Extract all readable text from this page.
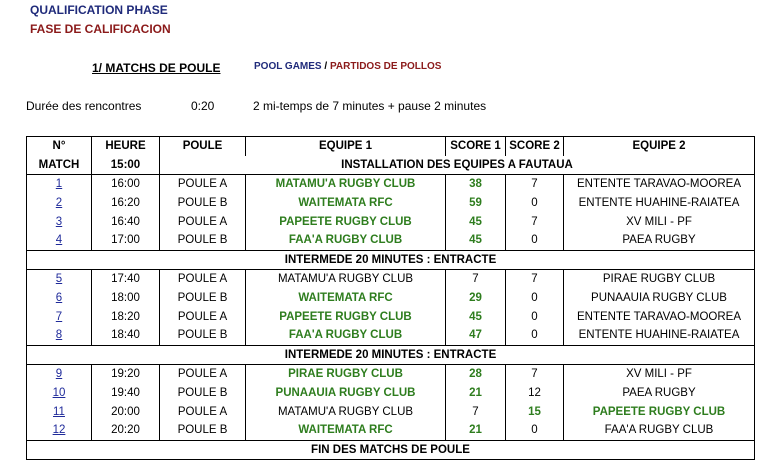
QUALIFICATION PHASE
FASE DE CALIFICACION
1/ MATCHS DE POULE	POOL GAMES / PARTIDOS DE POLLOS
Durée des rencontres	0:20	2 mi-temps de 7 minutes + pause 2 minutes
N°	HEURE	POULE	EQUIPE 1	SCORE 1	SCORE 2	EQUIPE 2
MATCH	15:00	INSTALLATION DES EQUIPES A FAUTAUA				
1	16:00	POULE A	MATAMU'A RUGBY CLUB	38	7	ENTENTE TARAVAO-MOOREA
2	16:20	POULE B	WAITEMATA RFC	59	0	ENTENTE HUAHINE-RAIATEA
3	16:40	POULE A	PAPEETE RUGBY CLUB	45	7	XV MILI - PF
4	17:00	POULE B	FAA'A RUGBY CLUB	45	0	PAEA RUGBY
INTERMEDE 20 MINUTES : ENTRACTE						
5	17:40	POULE A	MATAMU'A RUGBY CLUB	7	7	PIRAE RUGBY CLUB
6	18:00	POULE B	WAITEMATA RFC	29	0	PUNAAUIA RUGBY CLUB
7	18:20	POULE A	PAPEETE RUGBY CLUB	45	0	ENTENTE TARAVAO-MOOREA
8	18:40	POULE B	FAA'A RUGBY CLUB	47	0	ENTENTE HUAHINE-RAIATEA
INTERMEDE 20 MINUTES : ENTRACTE						
9	19:20	POULE A	PIRAE RUGBY CLUB	28	7	XV MILI - PF
10	19:40	POULE B	PUNAAUIA RUGBY CLUB	21	12	PAEA RUGBY
11	20:00	POULE A	MATAMU'A RUGBY CLUB	7	15	PAPEETE RUGBY CLUB
12	20:20	POULE B	WAITEMATA RFC	21	0	FAA'A RUGBY CLUB
FIN DES MATCHS DE POULE						
